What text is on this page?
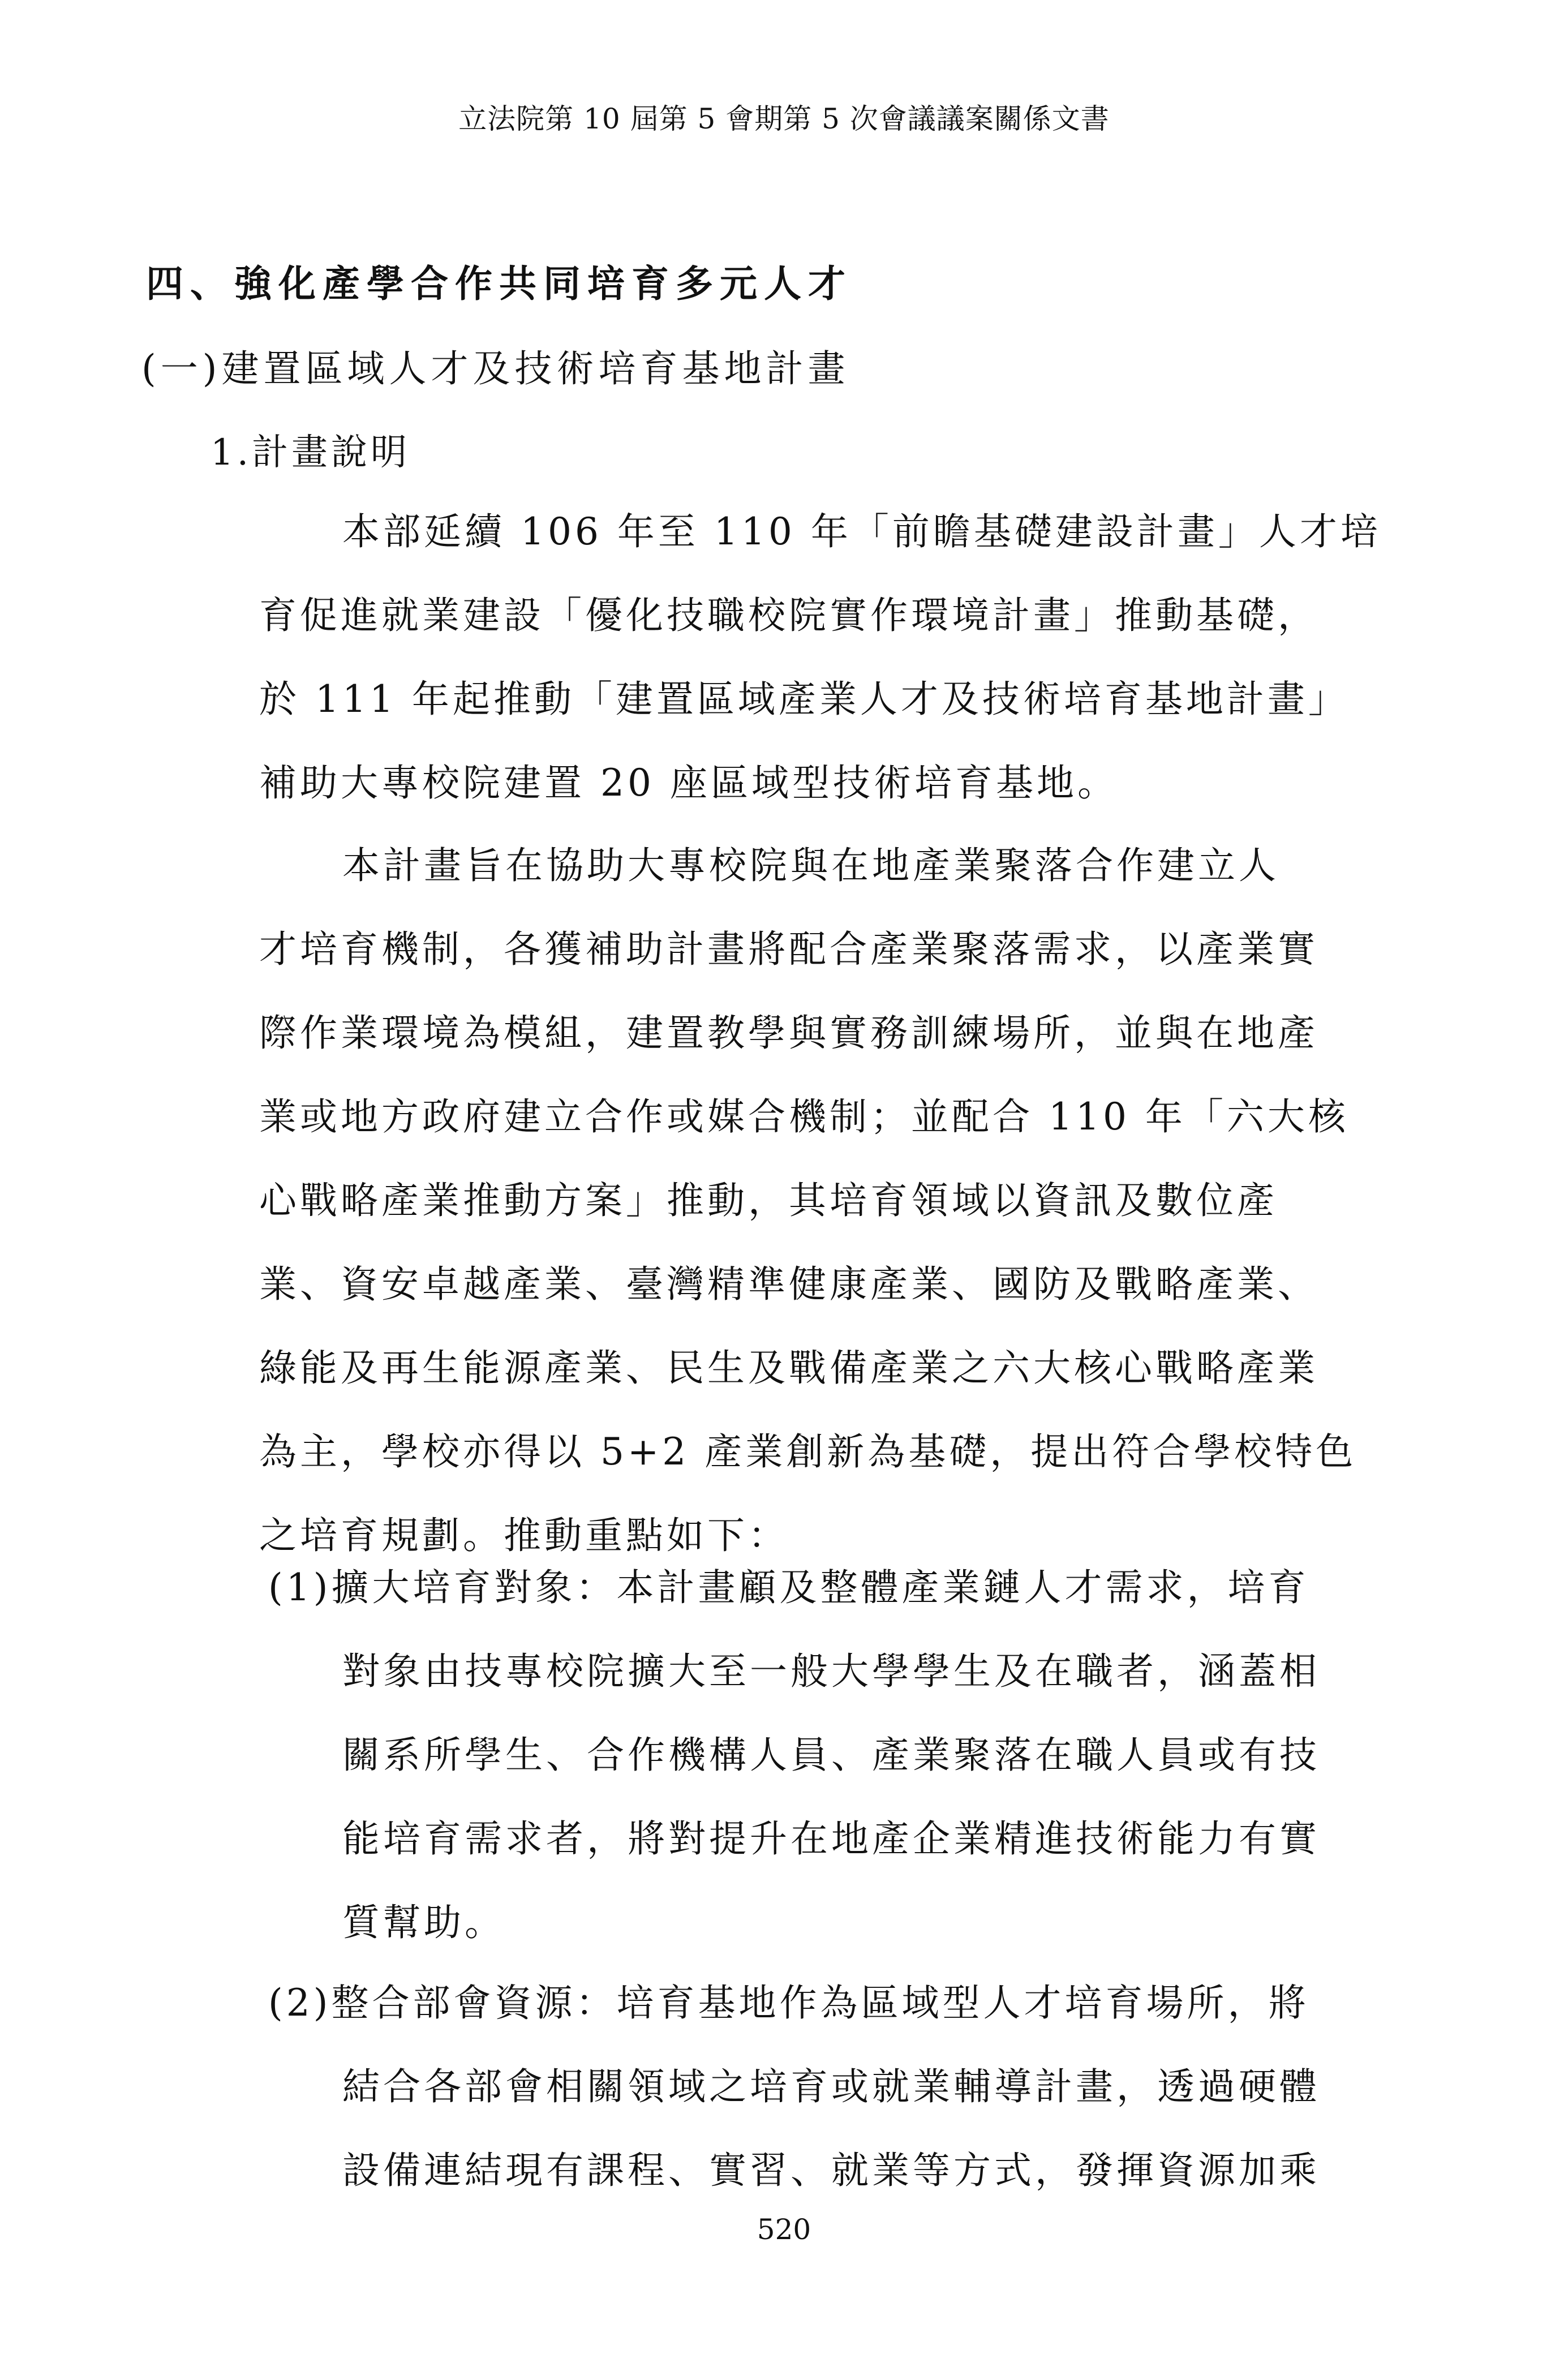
立法院第 10 屆第 5 會期第 5 次會議議案關係文書
四、強化產學合作共同培育多元人才
(一)建置區域人才及技術培育基地計畫
1.計畫說明
本部延續 106 年至 110 年「前瞻基礎建設計畫」人才培
育促進就業建設「優化技職校院實作環境計畫」推動基礎，
於 111 年起推動「建置區域產業人才及技術培育基地計畫」
補助大專校院建置 20 座區域型技術培育基地。
本計畫旨在協助大專校院與在地產業聚落合作建立人
才培育機制，各獲補助計畫將配合產業聚落需求，以產業實
際作業環境為模組，建置教學與實務訓練場所，並與在地產
業或地方政府建立合作或媒合機制；並配合 110 年「六大核
心戰略產業推動方案」推動，其培育領域以資訊及數位產
業、資安卓越產業、臺灣精準健康產業、國防及戰略產業、
綠能及再生能源產業、民生及戰備產業之六大核心戰略產業
為主，學校亦得以 5+2 產業創新為基礎，提出符合學校特色
之培育規劃。推動重點如下：
(1)擴大培育對象：本計畫顧及整體產業鏈人才需求，培育
對象由技專校院擴大至一般大學學生及在職者，涵蓋相
關系所學生、合作機構人員、產業聚落在職人員或有技
能培育需求者，將對提升在地產企業精進技術能力有實
質幫助。
(2)整合部會資源：培育基地作為區域型人才培育場所，將
結合各部會相關領域之培育或就業輔導計畫，透過硬體
設備連結現有課程、實習、就業等方式，發揮資源加乘
520
